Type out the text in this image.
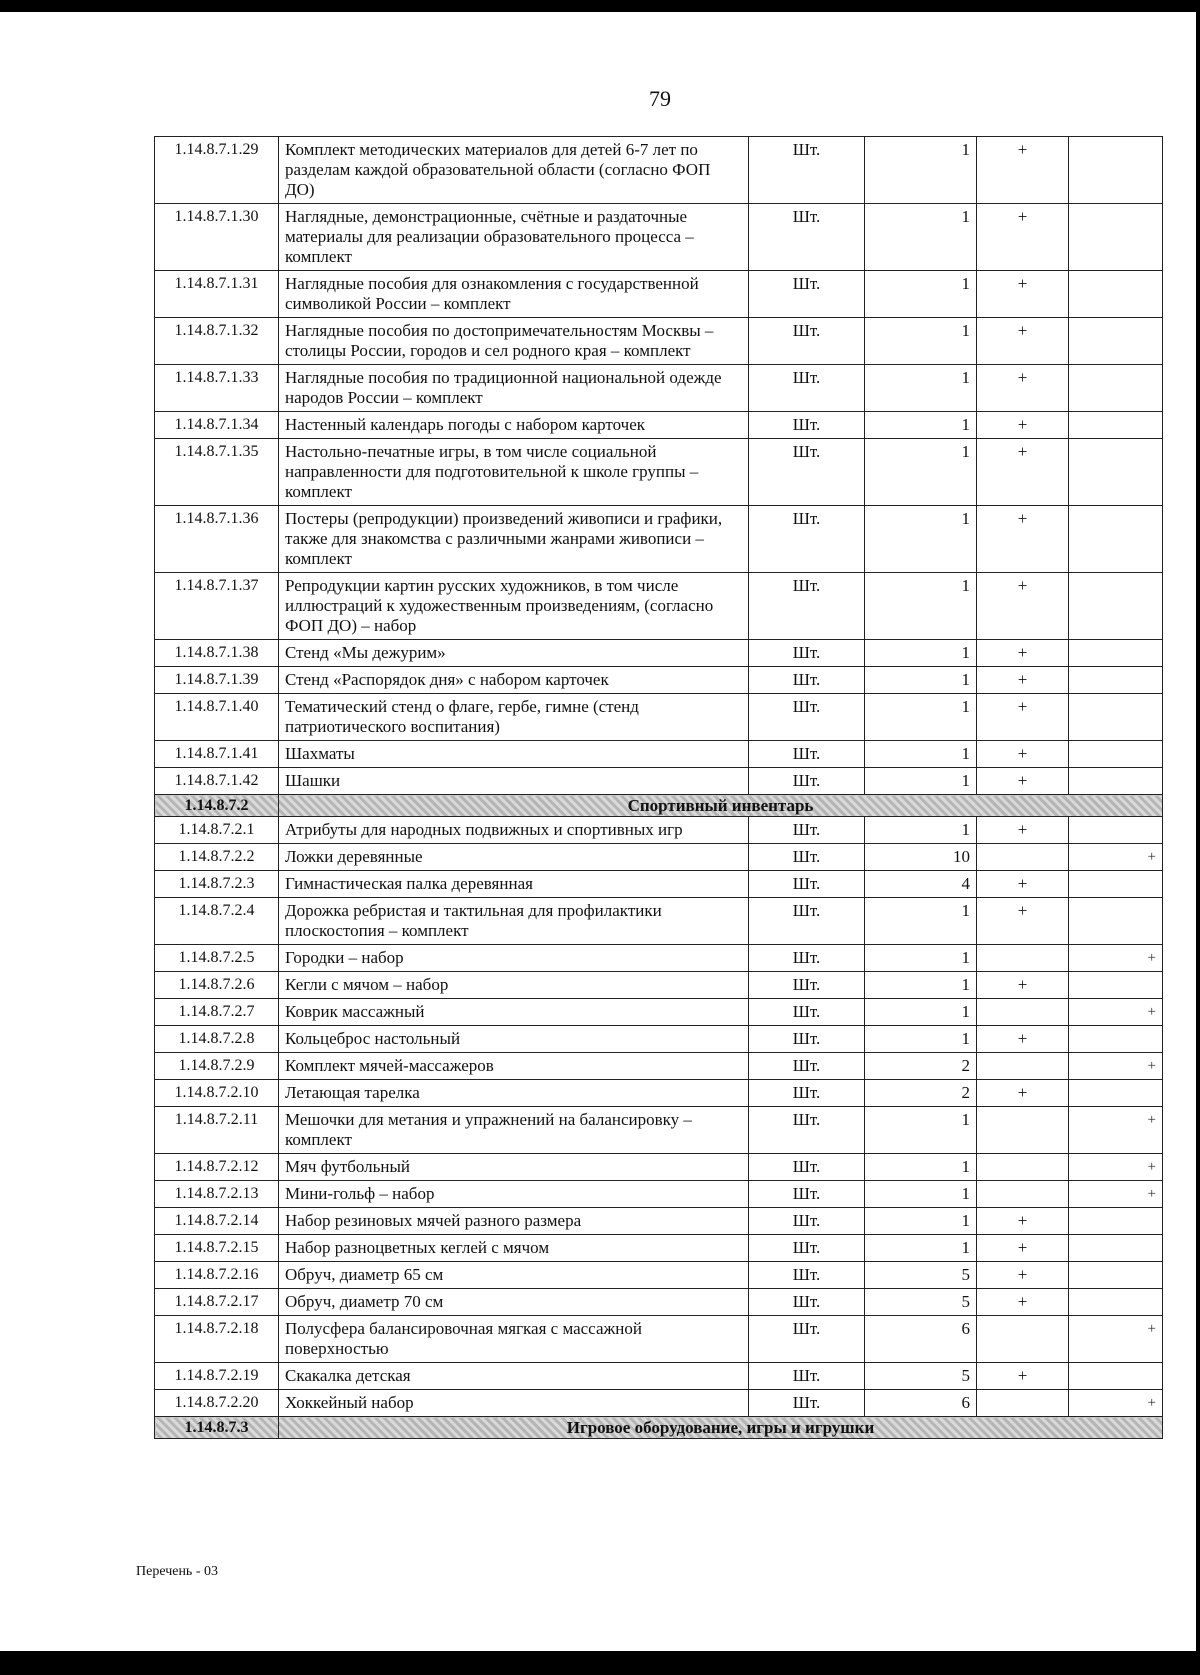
79
1.14.8.7.1.29	Комплект методических материалов для детей 6-7 лет по разделам каждой образовательной области (согласно ФОП ДО)	Шт.	1	+	
1.14.8.7.1.30	Наглядные, демонстрационные, счётные и раздаточные материалы для реализации образовательного процесса – комплект	Шт.	1	+	
1.14.8.7.1.31	Наглядные пособия для ознакомления с государственной символикой России – комплект	Шт.	1	+	
1.14.8.7.1.32	Наглядные пособия по достопримечательностям Москвы – столицы России, городов и сел родного края – комплект	Шт.	1	+	
1.14.8.7.1.33	Наглядные пособия по традиционной национальной одежде народов России – комплект	Шт.	1	+	
1.14.8.7.1.34	Настенный календарь погоды с набором карточек	Шт.	1	+	
1.14.8.7.1.35	Настольно-печатные игры, в том числе социальной направленности для подготовительной к школе группы – комплект	Шт.	1	+	
1.14.8.7.1.36	Постеры (репродукции) произведений живописи и графики, также для знакомства с различными жанрами живописи – комплект	Шт.	1	+	
1.14.8.7.1.37	Репродукции картин русских художников, в том числе иллюстраций к художественным произведениям, (согласно ФОП ДО) – набор	Шт.	1	+	
1.14.8.7.1.38	Стенд «Мы дежурим»	Шт.	1	+	
1.14.8.7.1.39	Стенд «Распорядок дня» с набором карточек	Шт.	1	+	
1.14.8.7.1.40	Тематический стенд о флаге, гербе, гимне (стенд патриотического воспитания)	Шт.	1	+	
1.14.8.7.1.41	Шахматы	Шт.	1	+	
1.14.8.7.1.42	Шашки	Шт.	1	+	
1.14.8.7.2	Спортивный инвентарь				
1.14.8.7.2.1	Атрибуты для народных подвижных и спортивных игр	Шт.	1	+	
1.14.8.7.2.2	Ложки деревянные	Шт.	10		+
1.14.8.7.2.3	Гимнастическая палка деревянная	Шт.	4	+	
1.14.8.7.2.4	Дорожка ребристая и тактильная для профилактики плоскостопия – комплект	Шт.	1	+	
1.14.8.7.2.5	Городки – набор	Шт.	1		+
1.14.8.7.2.6	Кегли с мячом – набор	Шт.	1	+	
1.14.8.7.2.7	Коврик массажный	Шт.	1		+
1.14.8.7.2.8	Кольцеброс настольный	Шт.	1	+	
1.14.8.7.2.9	Комплект мячей-массажеров	Шт.	2		+
1.14.8.7.2.10	Летающая тарелка	Шт.	2	+	
1.14.8.7.2.11	Мешочки для метания и упражнений на балансировку – комплект	Шт.	1		+
1.14.8.7.2.12	Мяч футбольный	Шт.	1		+
1.14.8.7.2.13	Мини-гольф – набор	Шт.	1		+
1.14.8.7.2.14	Набор резиновых мячей разного размера	Шт.	1	+	
1.14.8.7.2.15	Набор разноцветных кеглей с мячом	Шт.	1	+	
1.14.8.7.2.16	Обруч, диаметр 65 см	Шт.	5	+	
1.14.8.7.2.17	Обруч, диаметр 70 см	Шт.	5	+	
1.14.8.7.2.18	Полусфера балансировочная мягкая с массажной поверхностью	Шт.	6		+
1.14.8.7.2.19	Скакалка детская	Шт.	5	+	
1.14.8.7.2.20	Хоккейный набор	Шт.	6		+
1.14.8.7.3	Игровое оборудование, игры и игрушки				
Перечень - 03
